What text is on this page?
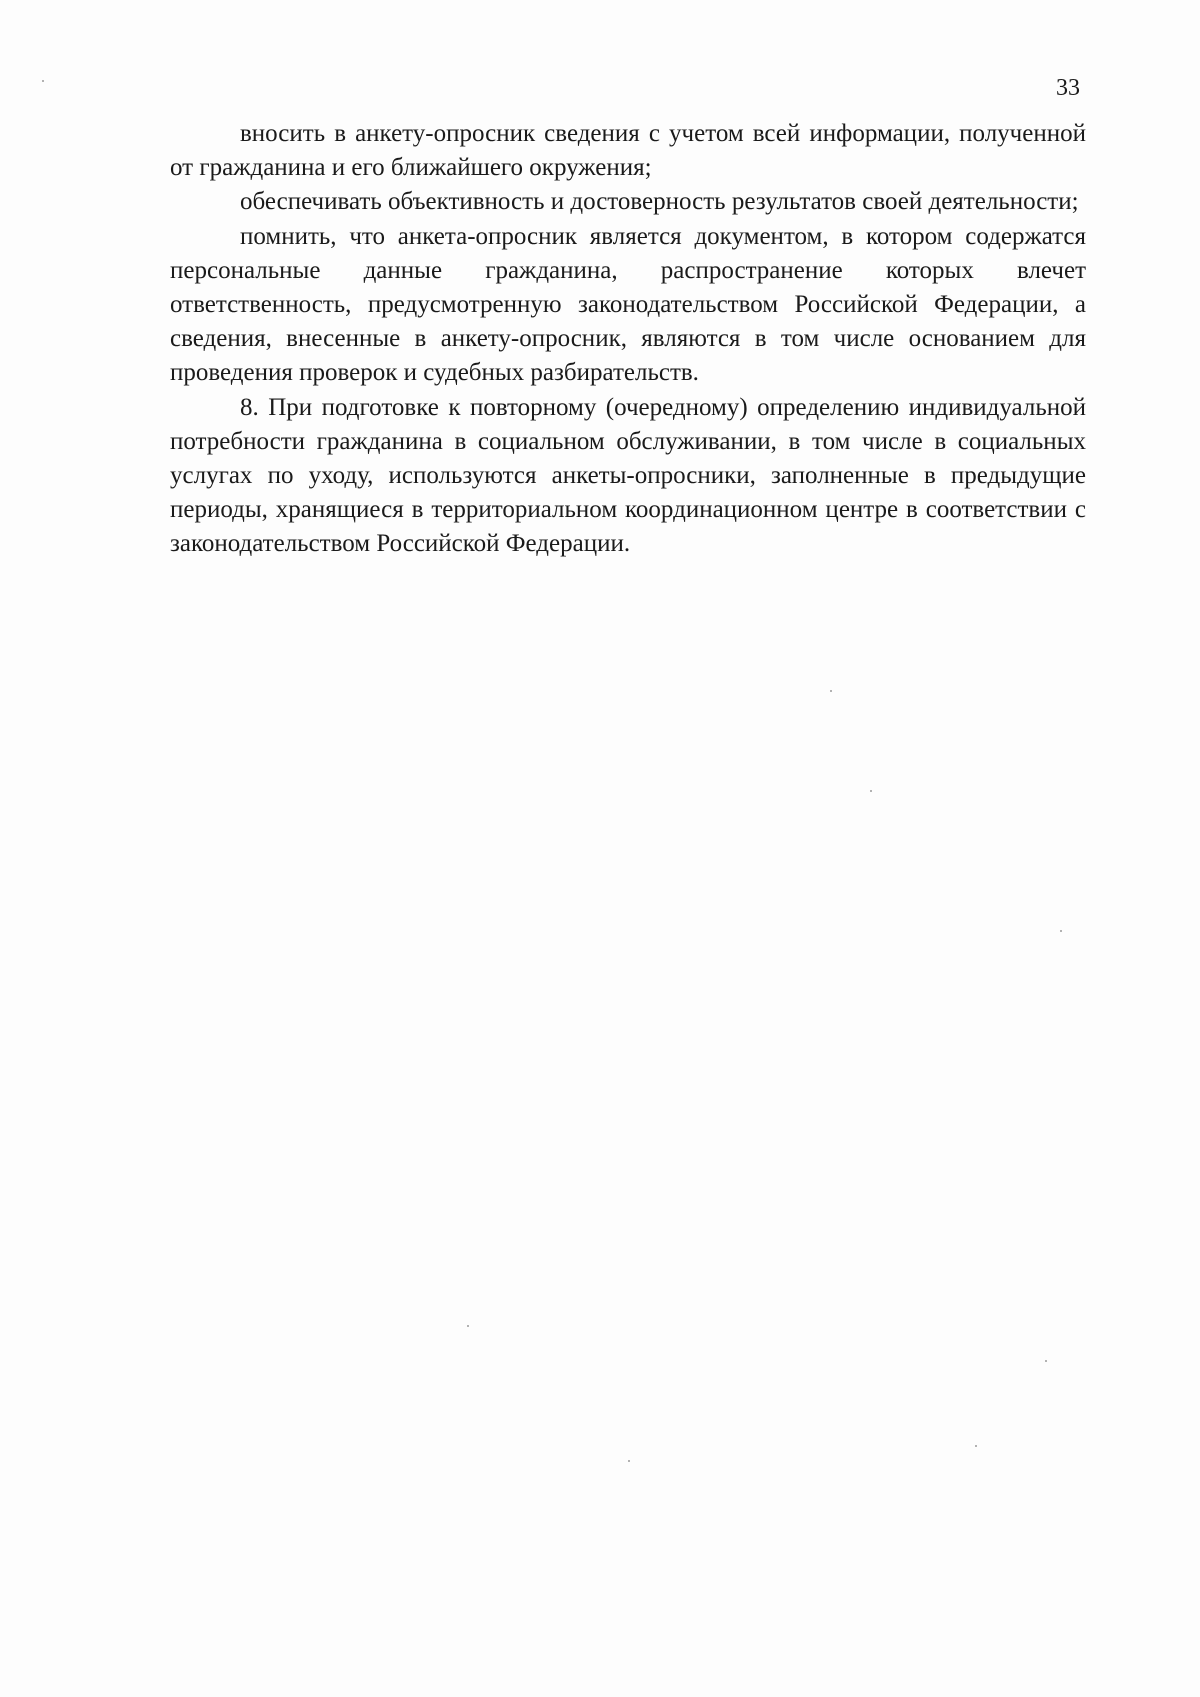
33

вносить в анкету-опросник сведения с учетом всей информации, полученной от гражданина и его ближайшего окружения;

обеспечивать объективность и достоверность результатов своей деятельности;

помнить, что анкета-опросник является документом, в котором содержатся персональные данные гражданина, распространение которых влечет ответственность, предусмотренную законодательством Российской Федерации, а сведения, внесенные в анкету-опросник, являются в том числе основанием для проведения проверок и судебных разбирательств.

8. При подготовке к повторному (очередному) определению индивидуальной потребности гражданина в социальном обслуживании, в том числе в социальных услугах по уходу, используются анкеты-опросники, заполненные в предыдущие периоды, хранящиеся в территориальном координационном центре в соответствии с законодательством Российской Федерации.
